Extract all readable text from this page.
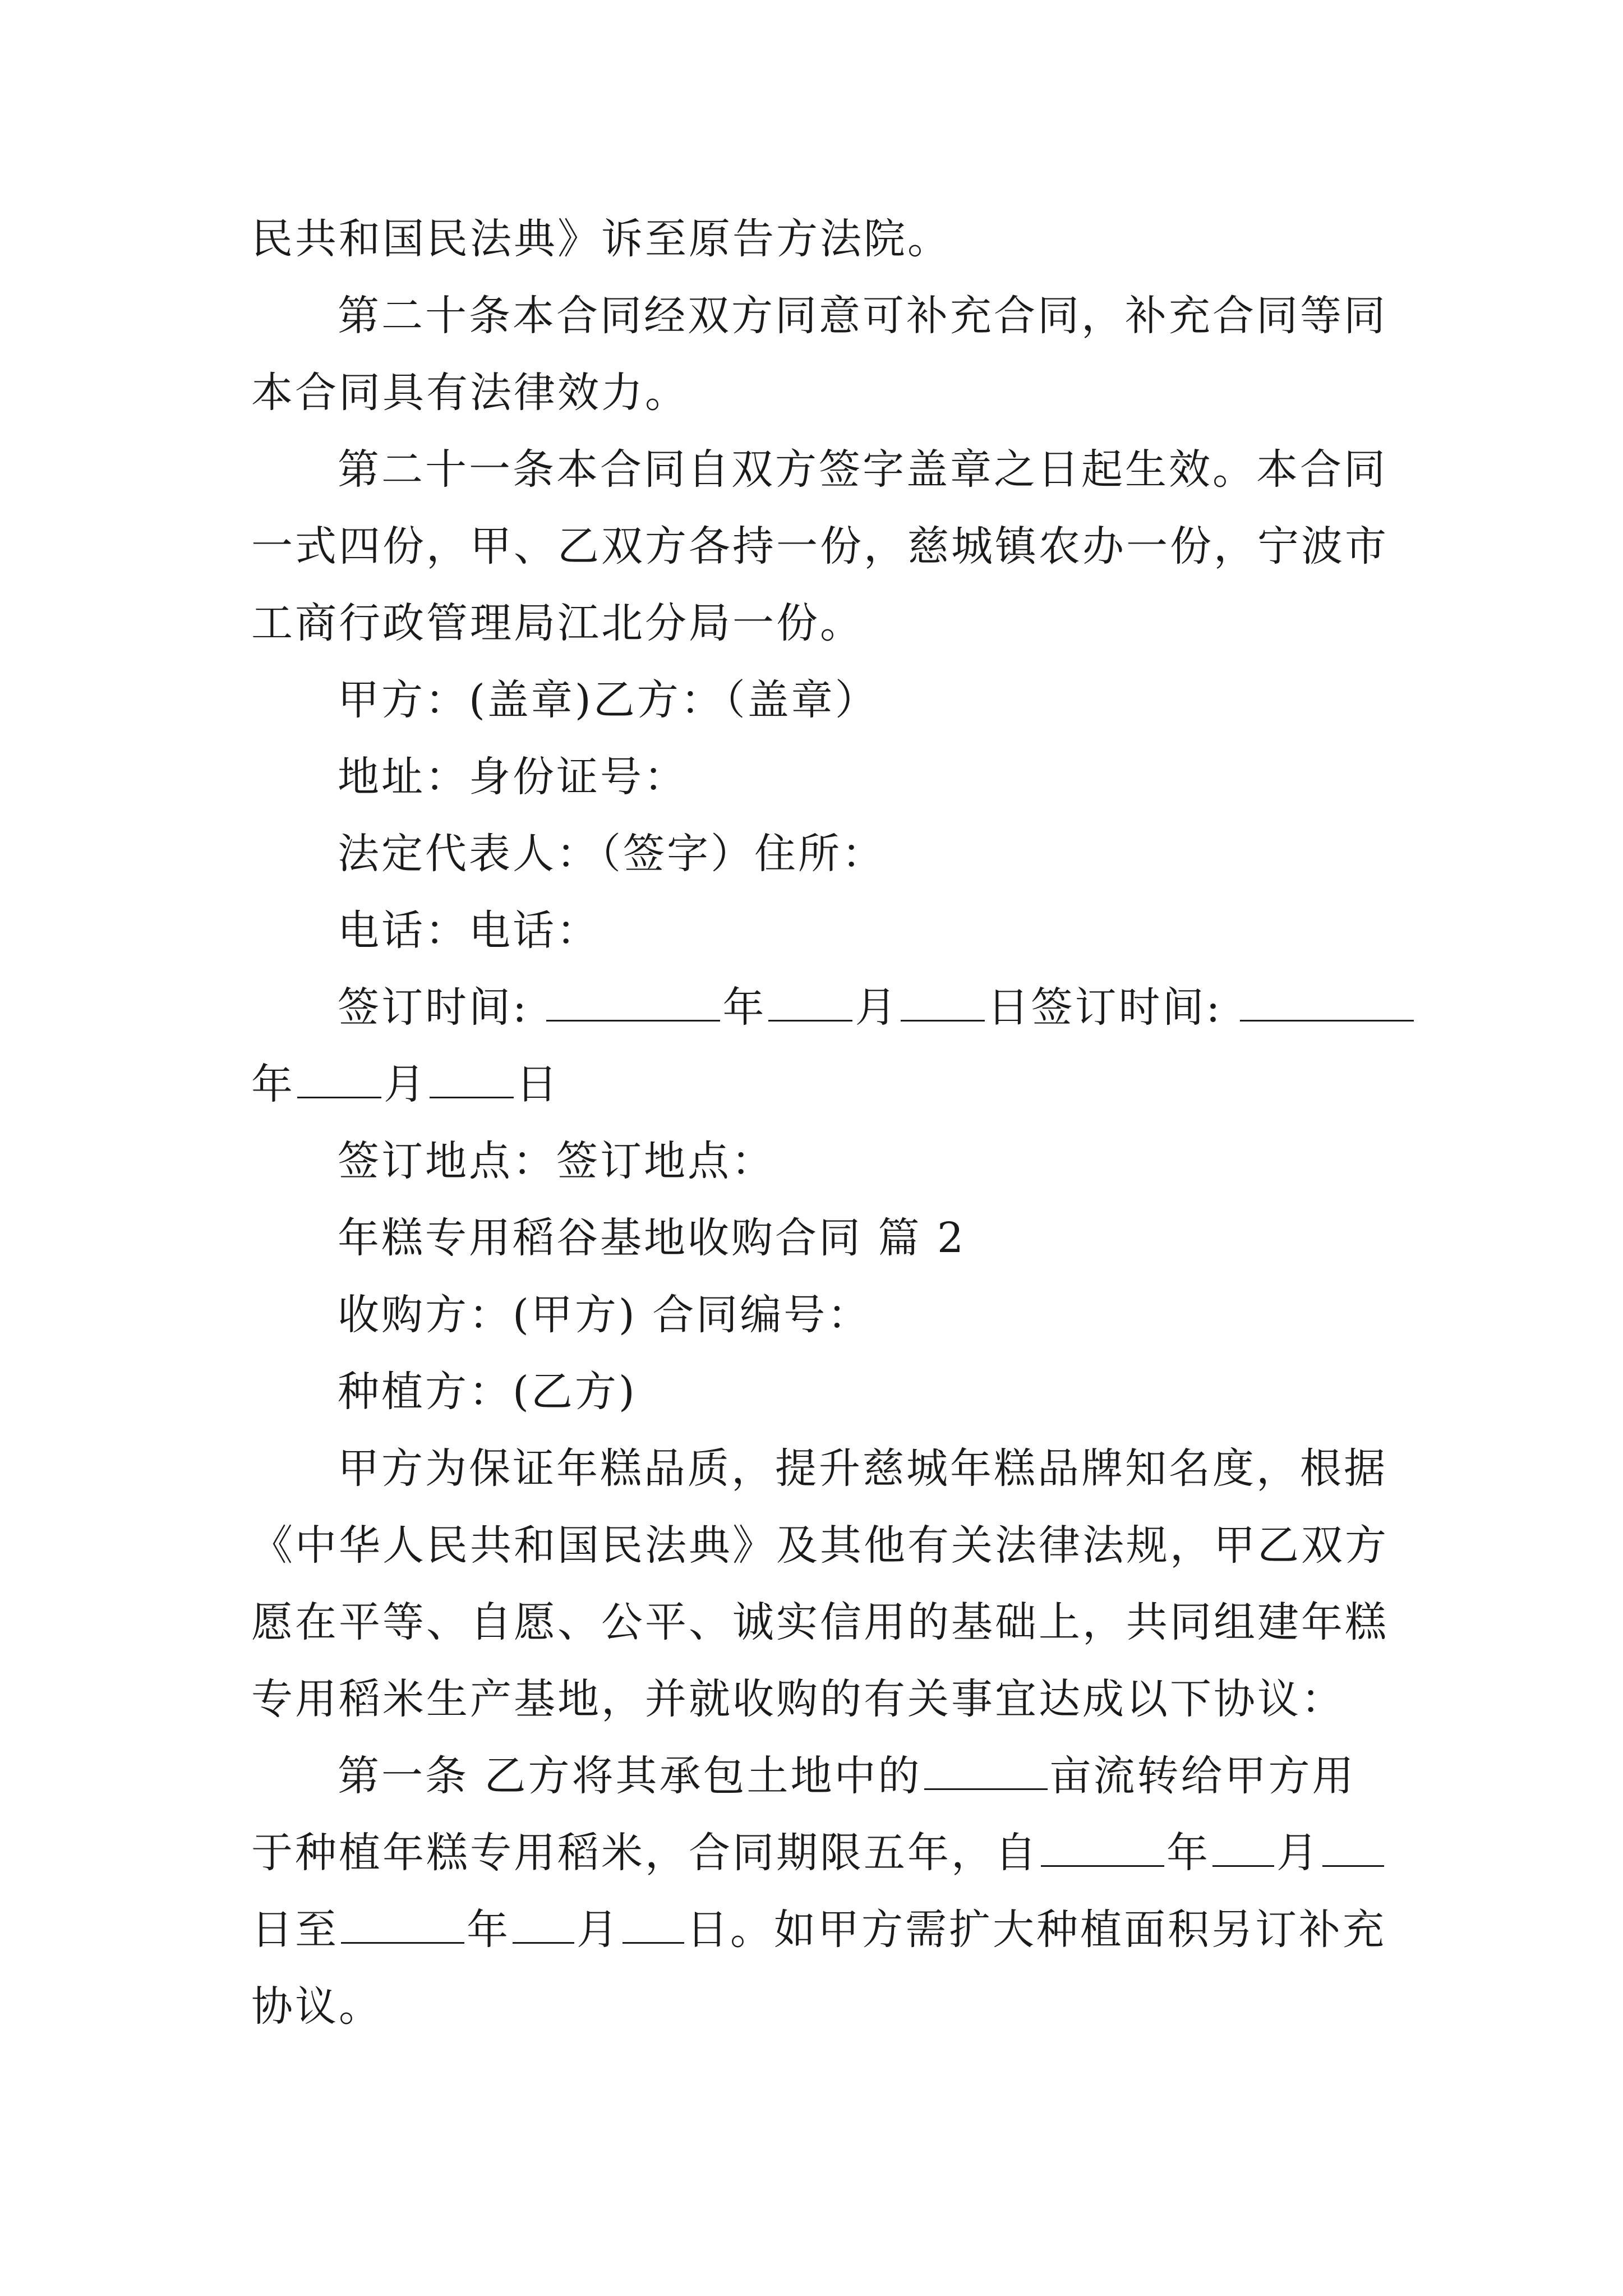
民共和国民法典》诉至原告方法院。
第二十条本合同经双方同意可补充合同，补充合同等同
本合同具有法律效力。
第二十一条本合同自双方签字盖章之日起生效。本合同
一式四份，甲、乙双方各持一份，慈城镇农办一份，宁波市
工商行政管理局江北分局一份。
甲方：(盖章)乙方：（盖章）
地址：身份证号：
法定代表人：（签字）住所：
电话：电话：
签订时间:	年 月 日签订时间:
年 月 日
签订地点：签订地点：
年糕专用稻谷基地收购合同 篇 2
收购方：(甲方) 合同编号：
种植方：(乙方)
甲方为保证年糕品质，提升慈城年糕品牌知名度，根据
《中华人民共和国民法典》及其他有关法律法规，甲乙双方
愿在平等、自愿、公平、诚实信用的基础上，共同组建年糕
专用稻米生产基地，并就收购的有关事宜达成以下协议：
第一条 乙方将其承包土地中的	亩流转给甲方用
于种植年糕专用稻米，合同期限五年，自	年 月
日至	年 月 日。如甲方需扩大种植面积另订补充
协议。
